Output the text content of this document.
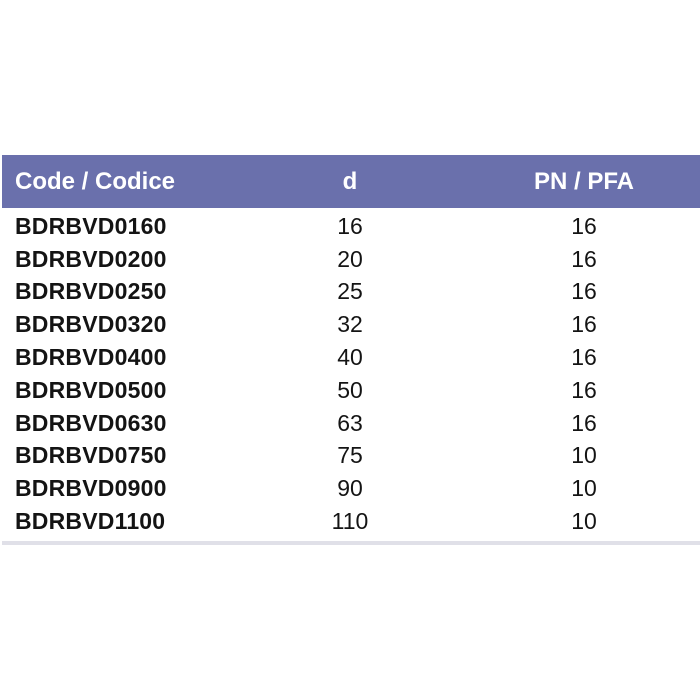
Code / Codice	d	PN / PFA
BDRBVD0160	16	16
BDRBVD0200	20	16
BDRBVD0250	25	16
BDRBVD0320	32	16
BDRBVD0400	40	16
BDRBVD0500	50	16
BDRBVD0630	63	16
BDRBVD0750	75	10
BDRBVD0900	90	10
BDRBVD1100	110	10
